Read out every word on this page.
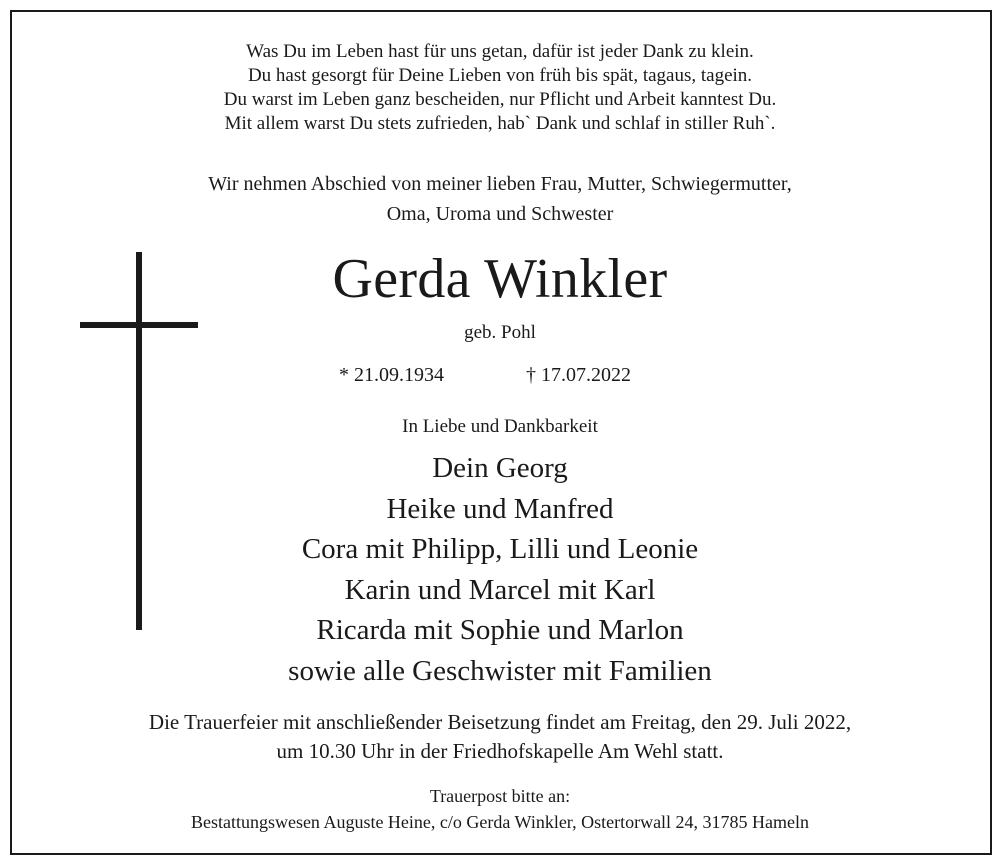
Was Du im Leben hast für uns getan, dafür ist jeder Dank zu klein.
Du hast gesorgt für Deine Lieben von früh bis spät, tagaus, tagein.
Du warst im Leben ganz bescheiden, nur Pflicht und Arbeit kanntest Du.
Mit allem warst Du stets zufrieden, hab` Dank und schlaf in stiller Ruh`.
Wir nehmen Abschied von meiner lieben Frau, Mutter, Schwiegermutter,
Oma, Uroma und Schwester
Gerda Winkler
geb. Pohl
* 21.09.1934	† 17.07.2022
In Liebe und Dankbarkeit
Dein Georg
Heike und Manfred
Cora mit Philipp, Lilli und Leonie
Karin und Marcel mit Karl
Ricarda mit Sophie und Marlon
sowie alle Geschwister mit Familien
Die Trauerfeier mit anschließender Beisetzung findet am Freitag, den 29. Juli 2022,
um 10.30 Uhr in der Friedhofskapelle Am Wehl statt.
Trauerpost bitte an:
Bestattungswesen Auguste Heine, c/o Gerda Winkler, Ostertorwall 24, 31785 Hameln
